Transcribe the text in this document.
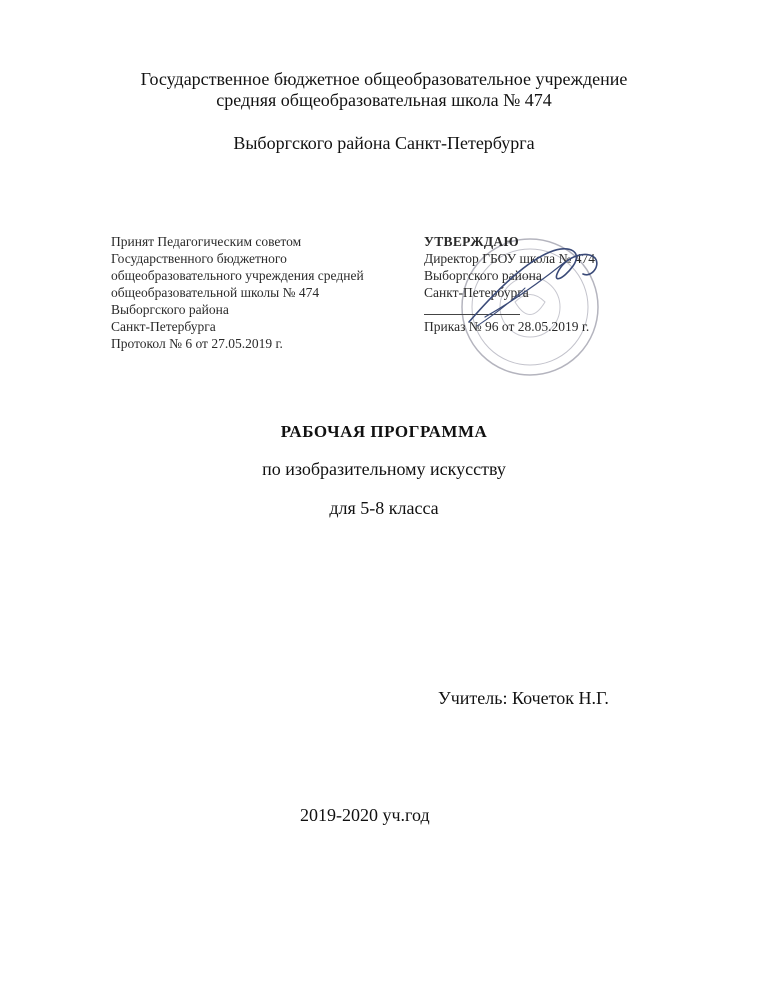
Государственное бюджетное общеобразовательное учреждение
средняя общеобразовательная школа № 474
Выборгского района Санкт-Петербурга
Принят Педагогическим советом
Государственного бюджетного
общеобразовательного учреждения средней
общеобразовательной школы № 474
Выборгского района
Санкт-Петербурга
Протокол № 6 от 27.05.2019 г.
УТВЕРЖДАЮ
Директор ГБОУ школа № 474
Выборгского района
Санкт-Петербурга
Приказ № 96 от 28.05.2019 г.
РАБОЧАЯ ПРОГРАММА
по изобразительному искусству
для 5-8 класса
Учитель: Кочеток Н.Г.
2019-2020 уч.год
